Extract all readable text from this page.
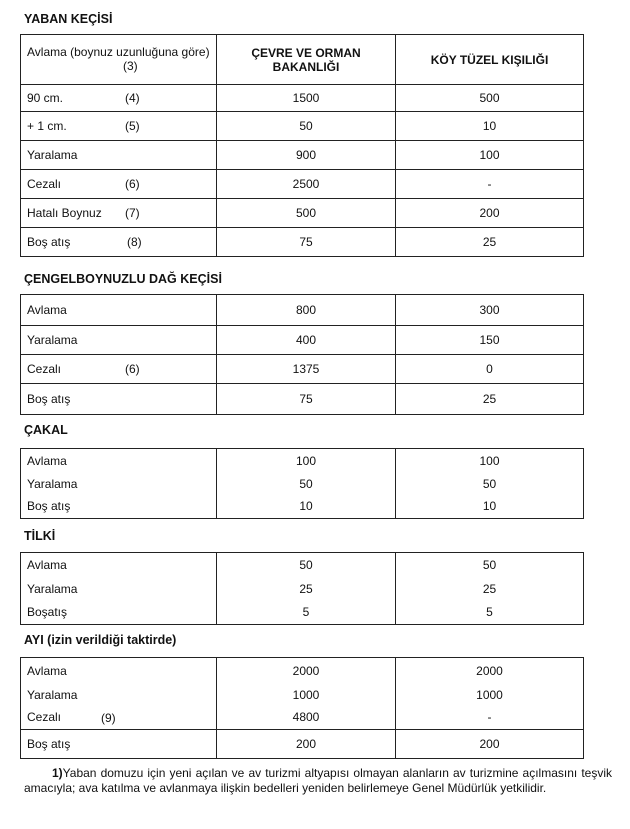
YABAN KEÇİSİ
Avlama (boynuz uzunluğuna göre)
(3)	ÇEVRE VE ORMAN BAKANLIĞI	KÖY TÜZEL KIŞILIĞI
90 cm. (4)	1500	500
+ 1 cm. (5)	50	10
Yaralama	900	100
Cezalı (6)	2500	-
Hatalı Boynuz (7)	500	200
Boş atış (8)	75	25
ÇENGELBOYNUZLU DAĞ KEÇİSİ
Avlama	800	300
Yaralama	400	150
Cezalı (6)	1375	0
Boş atış	75	25
ÇAKAL
Avlama	100	100
Yaralama	50	50
Boş atış	10	10
TİLKİ
Avlama	50	50
Yaralama	25	25
Boşatış	5	5
AYI (izin verildiği taktirde)
Avlama	2000	2000
Yaralama	1000	1000
Cezalı (9)	4800	-
Boş atış	200	200
1)Yaban domuzu için yeni açılan ve av turizmi altyapısı olmayan alanların av turizmine açılmasını teşvik amacıyla; ava katılma ve avlanmaya ilişkin bedelleri yeniden belirlemeye Genel Müdürlük yetkilidir.
